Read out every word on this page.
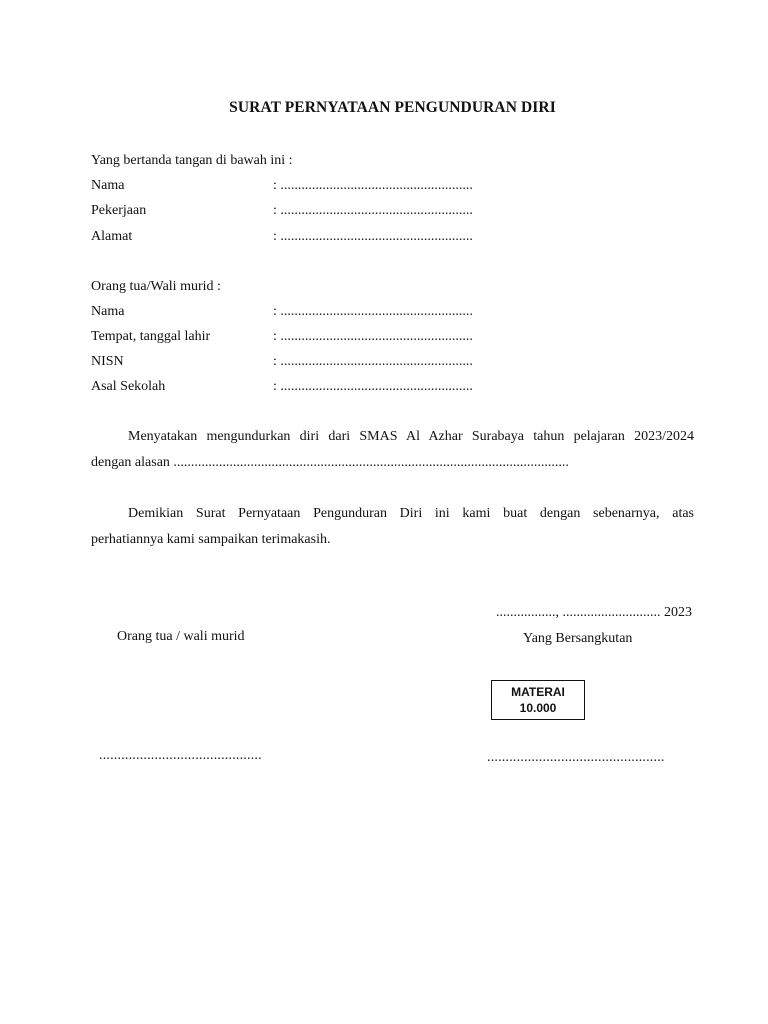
SURAT PERNYATAAN PENGUNDURAN DIRI
Yang bertanda tangan di bawah ini :
Nama	: .......................................................
Pekerjaan	: .......................................................
Alamat	: .......................................................
Orang tua/Wali murid :
Nama	: .......................................................
Tempat, tanggal lahir	: .......................................................
NISN	: .......................................................
Asal Sekolah	: .......................................................
Menyatakan mengundurkan diri dari SMAS Al Azhar Surabaya tahun pelajaran 2023/2024
dengan alasan .................................................................................................................
Demikian Surat Pernyataan Pengunduran Diri ini kami buat dengan sebenarnya, atas
perhatiannya kami sampaikan terimakasih.
................., ............................ 2023
Orang tua / wali murid	Yang Bersangkutan
MATERAI
10.000
............................................	................................................
